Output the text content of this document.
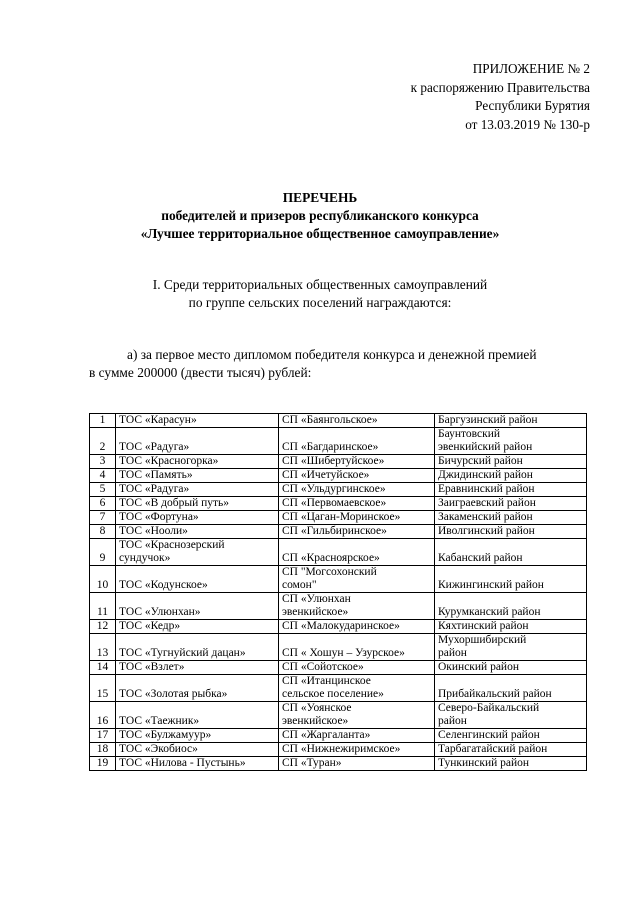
ПРИЛОЖЕНИЕ № 2
к распоряжению Правительства
Республики Бурятия
от 13.03.2019 № 130-р
ПЕРЕЧЕНЬ
победителей и призеров республиканского конкурса
«Лучшее территориальное общественное самоуправление»
I. Среди территориальных общественных самоуправлений
по группе сельских поселений награждаются:
а) за первое место дипломом победителя конкурса и денежной премией
в сумме 200000 (двести тысяч) рублей:
1	ТОС «Карасун»	СП «Баянгольское»	Баргузинский район
2	ТОС «Радуга»	СП «Багдаринское»	Баунтовский
эвенкийский район
3	ТОС «Красногорка»	СП «Шибертуйское»	Бичурский район
4	ТОС «Память»	СП «Ичетуйское»	Джидинский район
5	ТОС «Радуга»	СП «Ульдургинское»	Еравнинский район
6	ТОС «В добрый путь»	СП «Первомаевское»	Заиграевский район
7	ТОС «Фортуна»	СП «Цаган-Моринское»	Закаменский район
8	ТОС «Нооли»	СП «Гильбиринское»	Иволгинский район
9	ТОС «Краснозерский
сундучок»	СП «Красноярское»	Кабанский район
10	ТОС «Кодунское»	СП "Могсохонский
сомон"	Кижингинский район
11	ТОС «Улюнхан»	СП «Улюнхан
эвенкийское»	Курумканский район
12	ТОС «Кедр»	СП «Малокударинское»	Кяхтинский район
13	ТОС «Тугнуйский дацан»	СП « Хошун – Узурское»	Мухоршибирский
район
14	ТОС «Взлет»	СП «Сойотское»	Окинский район
15	ТОС «Золотая рыбка»	СП «Итанцинское
сельское поселение»	Прибайкальский район
16	ТОС «Таежник»	СП «Уоянское
эвенкийское»	Северо-Байкальский
район
17	ТОС «Булжамуур»	СП «Жаргаланта»	Селенгинский район
18	ТОС «Экобиос»	СП «Нижнежиримское»	Тарбагатайский район
19	ТОС «Нилова - Пустынь»	СП «Туран»	Тункинский район
